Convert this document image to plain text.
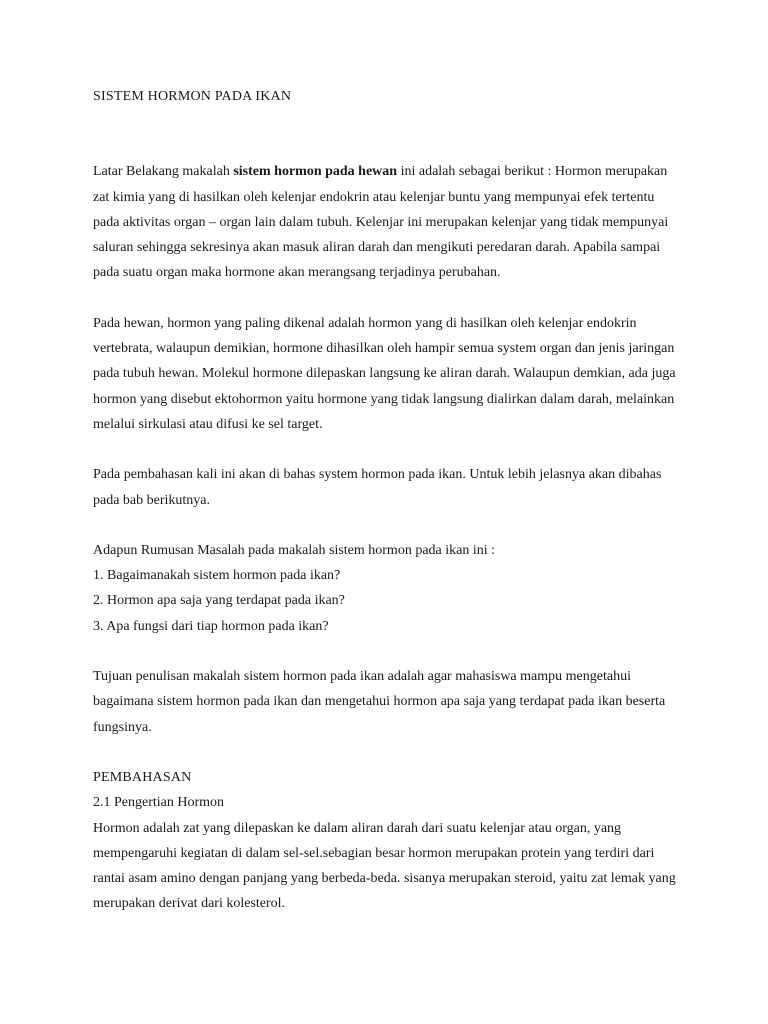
SISTEM HORMON PADA IKAN

Latar Belakang makalah sistem hormon pada hewan ini adalah sebagai berikut : Hormon merupakan zat kimia yang di hasilkan oleh kelenjar endokrin atau kelenjar buntu yang mempunyai efek tertentu pada aktivitas organ – organ lain dalam tubuh. Kelenjar ini merupakan kelenjar yang tidak mempunyai saluran sehingga sekresinya akan masuk aliran darah dan mengikuti peredaran darah. Apabila sampai pada suatu organ maka hormone akan merangsang terjadinya perubahan.

Pada hewan, hormon yang paling dikenal adalah hormon yang di hasilkan oleh kelenjar endokrin vertebrata, walaupun demikian, hormone dihasilkan oleh hampir semua system organ dan jenis jaringan pada tubuh hewan. Molekul hormone dilepaskan langsung ke aliran darah. Walaupun demkian, ada juga hormon yang disebut ektohormon yaitu hormone yang tidak langsung dialirkan dalam darah, melainkan melalui sirkulasi atau difusi ke sel target.

Pada pembahasan kali ini akan di bahas system hormon pada ikan. Untuk lebih jelasnya akan dibahas pada bab berikutnya.

Adapun Rumusan Masalah pada makalah sistem hormon pada ikan ini :

1. Bagaimanakah sistem hormon pada ikan?

2. Hormon apa saja yang terdapat pada ikan?

3. Apa fungsi dari tiap hormon pada ikan?

Tujuan penulisan makalah sistem hormon pada ikan adalah agar mahasiswa mampu mengetahui bagaimana sistem hormon pada ikan dan mengetahui hormon apa saja yang terdapat pada ikan beserta fungsinya.

PEMBAHASAN
2.1 Pengertian Hormon

Hormon adalah zat yang dilepaskan ke dalam aliran darah dari suatu kelenjar atau organ, yang mempengaruhi kegiatan di dalam sel-sel.sebagian besar hormon merupakan protein yang terdiri dari rantai asam amino dengan panjang yang berbeda-beda. sisanya merupakan steroid, yaitu zat lemak yang merupakan derivat dari kolesterol.
